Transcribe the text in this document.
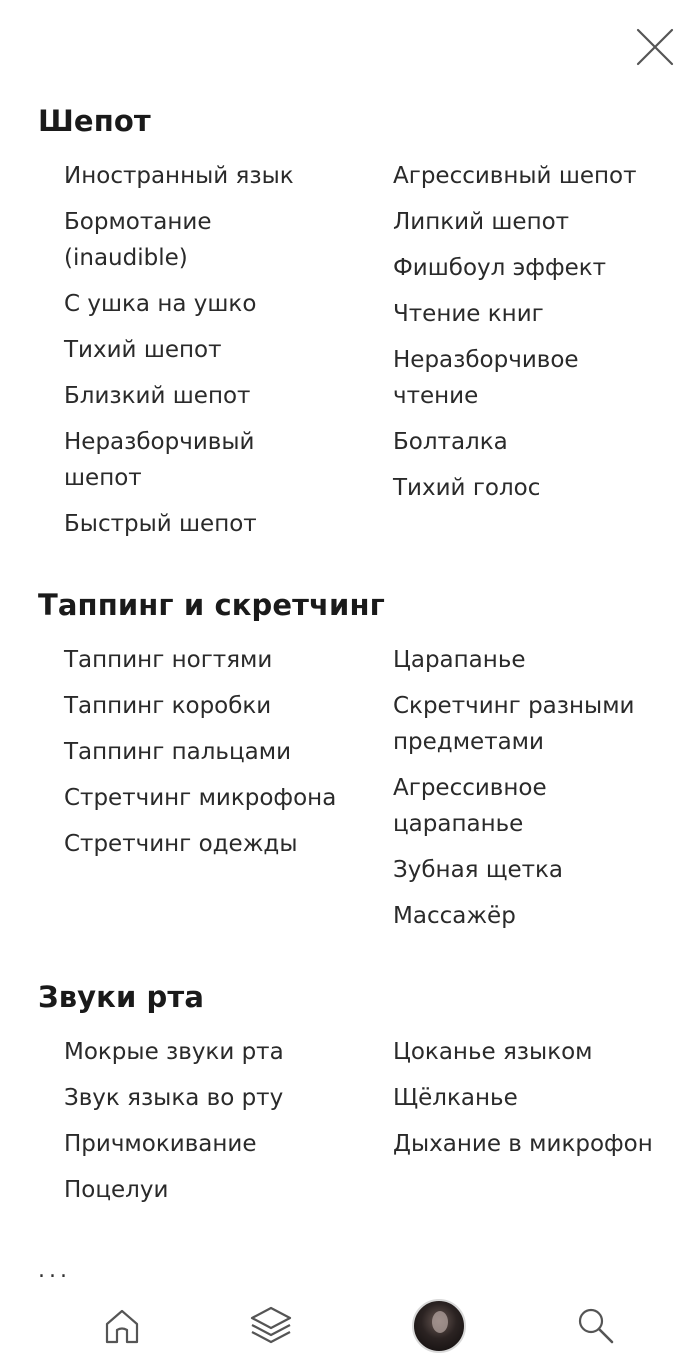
Шепот
Иностранный язык
Бормотание (inaudible)
С ушка на ушко
Тихий шепот
Близкий шепот
Неразборчивый шепот
Быстрый шепот
Агрессивный шепот
Липкий шепот
Фишбоул эффект
Чтение книг
Неразборчивое чтение
Болталка
Тихий голос
Таппинг и скретчинг
Таппинг ногтями
Таппинг коробки
Таппинг пальцами
Стретчинг микрофона
Стретчинг одежды
Царапанье
Скретчинг разными предметами
Агрессивное царапанье
Зубная щетка
Массажёр
Звуки рта
Мокрые звуки рта
Звук языка во рту
Причмокивание
Поцелуи
Цоканье языком
Щёлканье
Дыхание в микрофон
...
